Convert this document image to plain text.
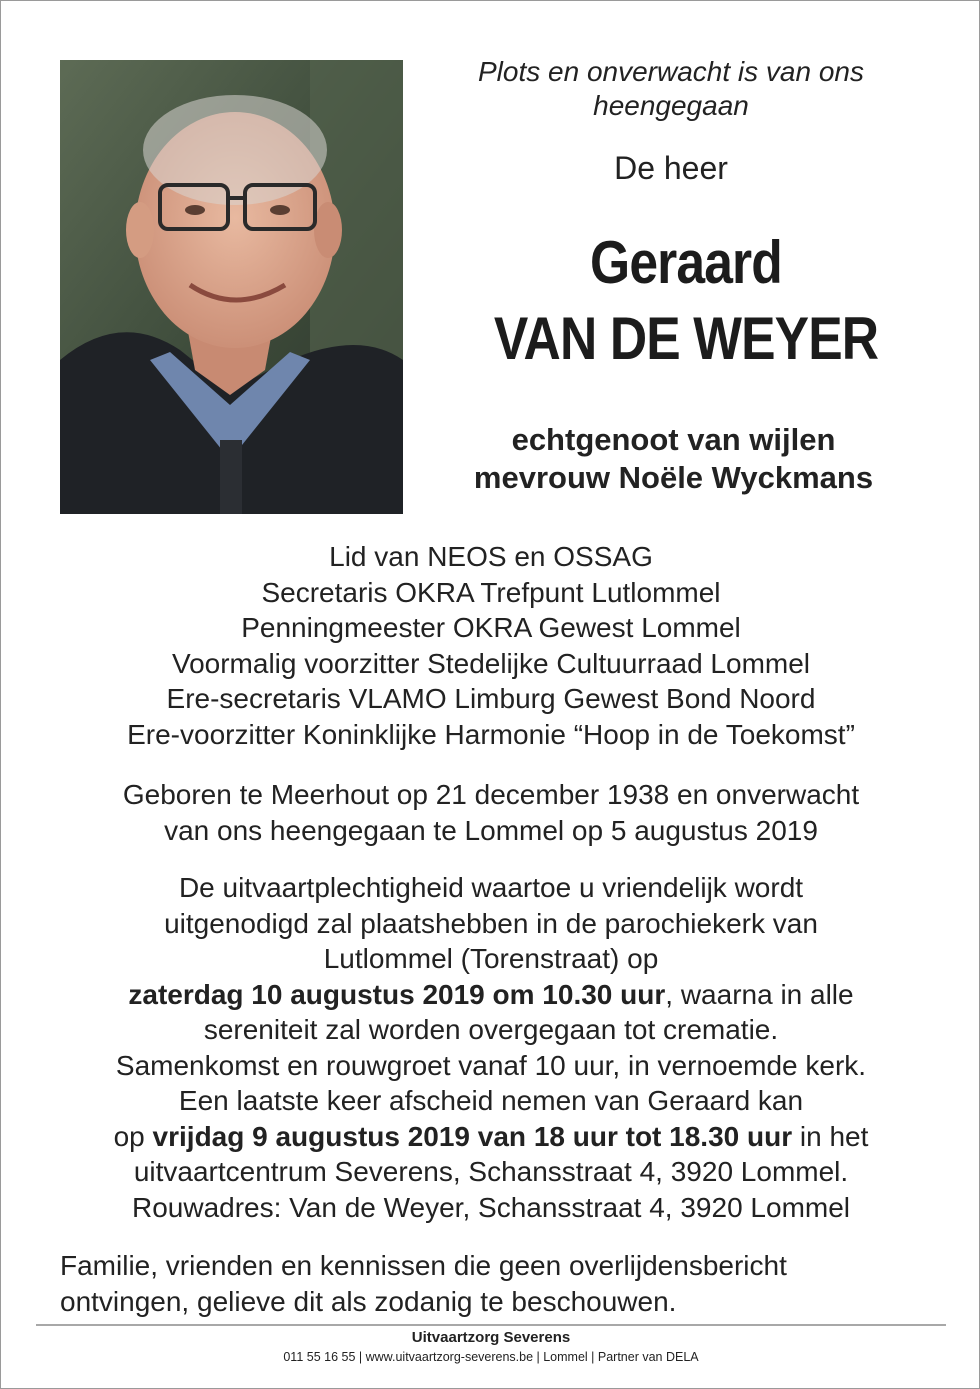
Plots en onverwacht is van ons
heengegaan
De heer
Geraard
VAN DE WEYER
echtgenoot van wijlen
mevrouw Noële Wyckmans
Lid van NEOS en OSSAG
Secretaris OKRA Trefpunt Lutlommel
Penningmeester OKRA Gewest Lommel
Voormalig voorzitter Stedelijke Cultuurraad Lommel
Ere-secretaris VLAMO Limburg Gewest Bond Noord
Ere-voorzitter Koninklijke Harmonie “Hoop in de Toekomst”
Geboren te Meerhout op 21 december 1938 en onverwacht
van ons heengegaan te Lommel op 5 augustus 2019
De uitvaartplechtigheid waartoe u vriendelijk wordt
uitgenodigd zal plaatshebben in de parochiekerk van
Lutlommel (Torenstraat) op
zaterdag 10 augustus 2019 om 10.30 uur, waarna in alle
sereniteit zal worden overgegaan tot crematie.
Samenkomst en rouwgroet vanaf 10 uur, in vernoemde kerk.
Een laatste keer afscheid nemen van Geraard kan
op vrijdag 9 augustus 2019 van 18 uur tot 18.30 uur in het
uitvaartcentrum Severens, Schansstraat 4, 3920 Lommel.
Rouwadres: Van de Weyer, Schansstraat 4, 3920 Lommel
Familie, vrienden en kennissen die geen overlijdensbericht
ontvingen, gelieve dit als zodanig te beschouwen.
Uitvaartzorg Severens
011 55 16 55 | www.uitvaartzorg-severens.be | Lommel | Partner van DELA
